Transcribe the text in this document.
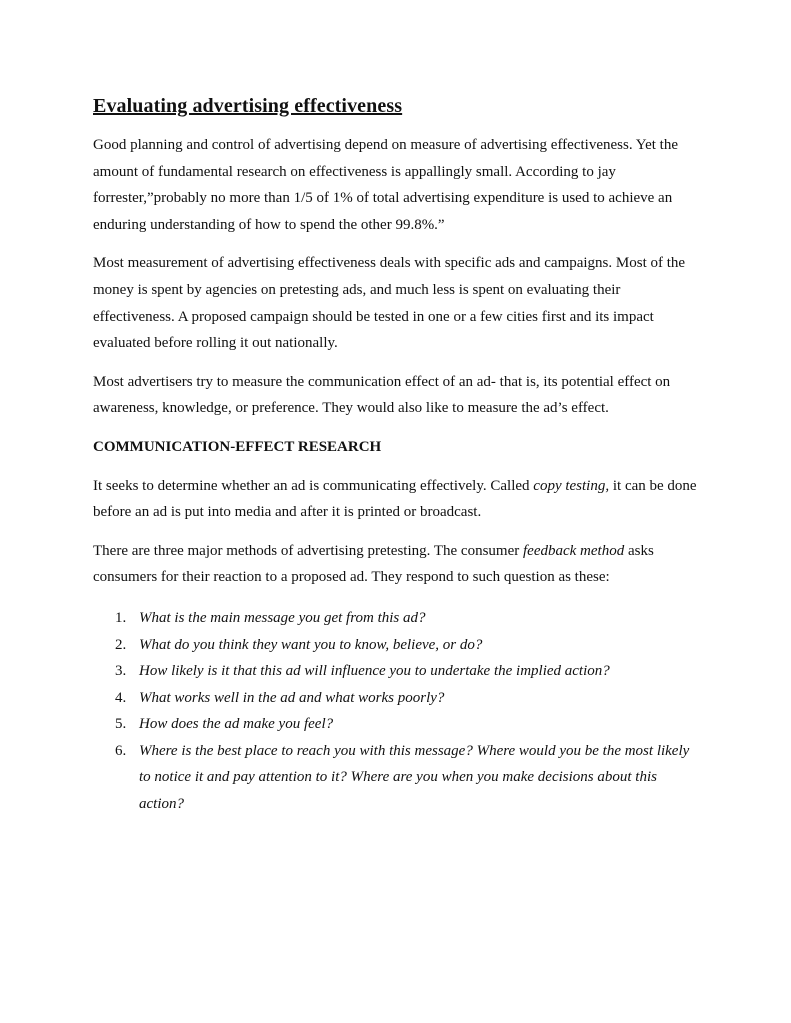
Evaluating advertising effectiveness

Good planning and control of advertising depend on measure of advertising effectiveness. Yet the amount of fundamental research on effectiveness is appallingly small. According to jay forrester,”probably no more than 1/5 of 1% of total advertising expenditure is used to achieve an enduring understanding of how to spend the other 99.8%.”

Most measurement of advertising effectiveness deals with specific ads and campaigns. Most of the money is spent by agencies on pretesting ads, and much less is spent on evaluating their effectiveness. A proposed campaign should be tested in one or a few cities first and its impact evaluated before rolling it out nationally.

Most advertisers try to measure the communication effect of an ad- that is, its potential effect on awareness, knowledge, or preference. They would also like to measure the ad’s effect.

COMMUNICATION-EFFECT RESEARCH

It seeks to determine whether an ad is communicating effectively. Called copy testing, it can be done before an ad is put into media and after it is printed or broadcast.

There are three major methods of advertising pretesting. The consumer feedback method asks consumers for their reaction to a proposed ad. They respond to such question as these:

1. What is the main message you get from this ad?
2. What do you think they want you to know, believe, or do?
3. How likely is it that this ad will influence you to undertake the implied action?
4. What works well in the ad and what works poorly?
5. How does the ad make you feel?
6. Where is the best place to reach you with this message? Where would you be the most likely to notice it and pay attention to it? Where are you when you make decisions about this action?
